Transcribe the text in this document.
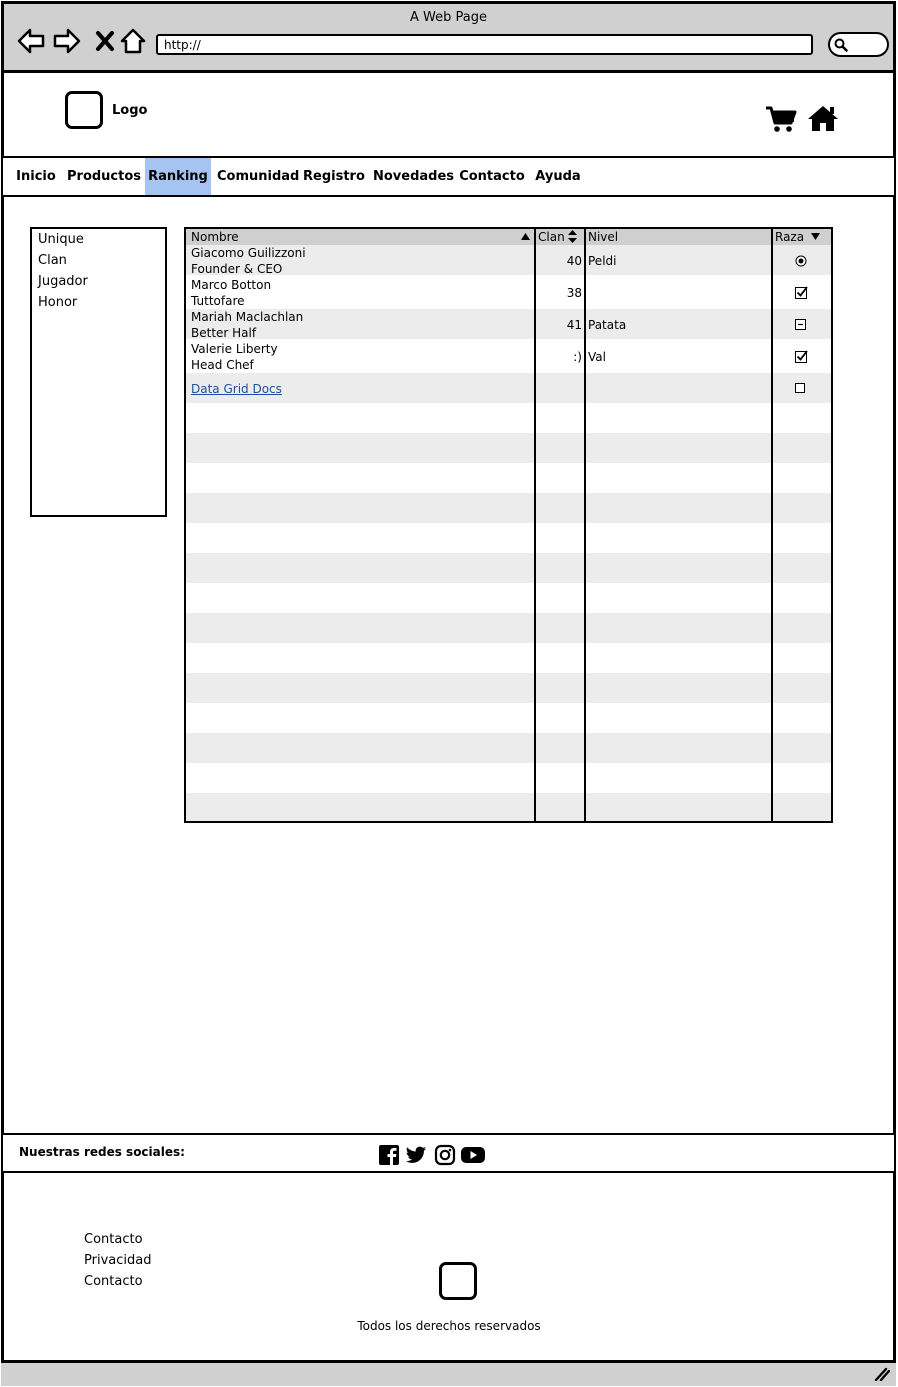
A Web Page
http://
Logo
Inicio Productos Ranking Comunidad Registro Novedades Contacto Ayuda
Unique
Clan
Jugador
Honor
Nombre	Clan Nivel	Raza
Giacomo Guilizzoni
Founder & CEO
40 Peldi
Marco Botton
Tuttofare
38
Mariah Maclachlan
Better Half
41 Patata
Valerie Liberty
Head Chef
:) Val
Data Grid Docs
Nuestras redes sociales:
Contacto
Privacidad
Contacto
Todos los derechos reservados
